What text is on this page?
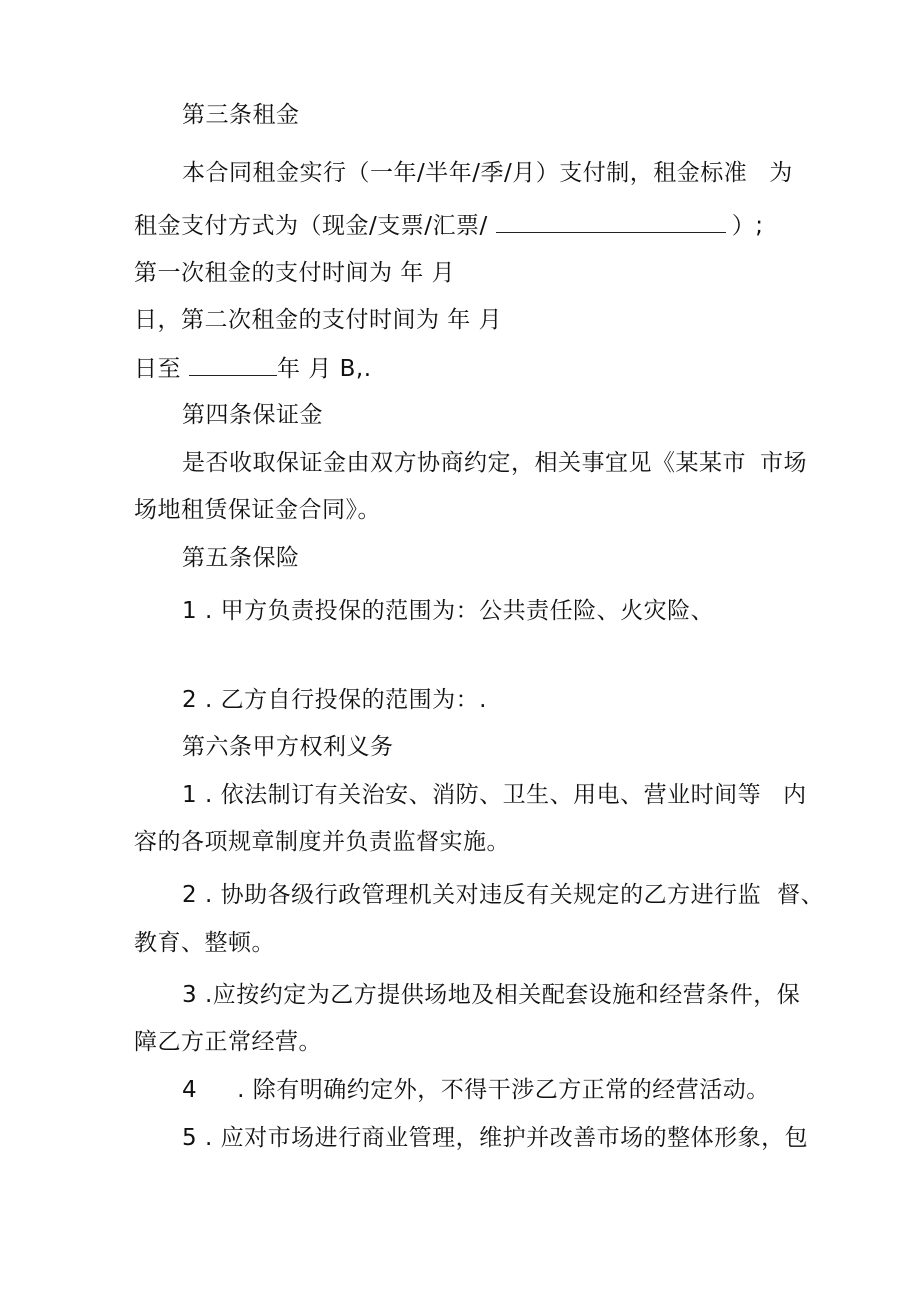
第三条租金
本合同租金实行（一年/半年/季/月）支付制，租金标准 为
租金支付方式为（现金/支票/汇票/	）;
第一次租金的支付时间为 年 月
日，第二次租金的支付时间为 年 月
日至	年 月 B,.
第四条保证金
是否收取保证金由双方协商约定，相关事宜见《某某市 市场
场地租赁保证金合同》。
第五条保险
1 . 甲方负责投保的范围为：公共责任险、火灾险、
2 . 乙方自行投保的范围为：.
第六条甲方权利义务
1 . 依法制订有关治安、消防、卫生、用电、营业时间等 内
容的各项规章制度并负责监督实施。
2 . 协助各级行政管理机关对违反有关规定的乙方进行监 督、
教育、整顿。
3 .应按约定为乙方提供场地及相关配套设施和经营条件，保
障乙方正常经营。
4 . 除有明确约定外，不得干涉乙方正常的经营活动。
5 . 应对市场进行商业管理，维护并改善市场的整体形象，包
